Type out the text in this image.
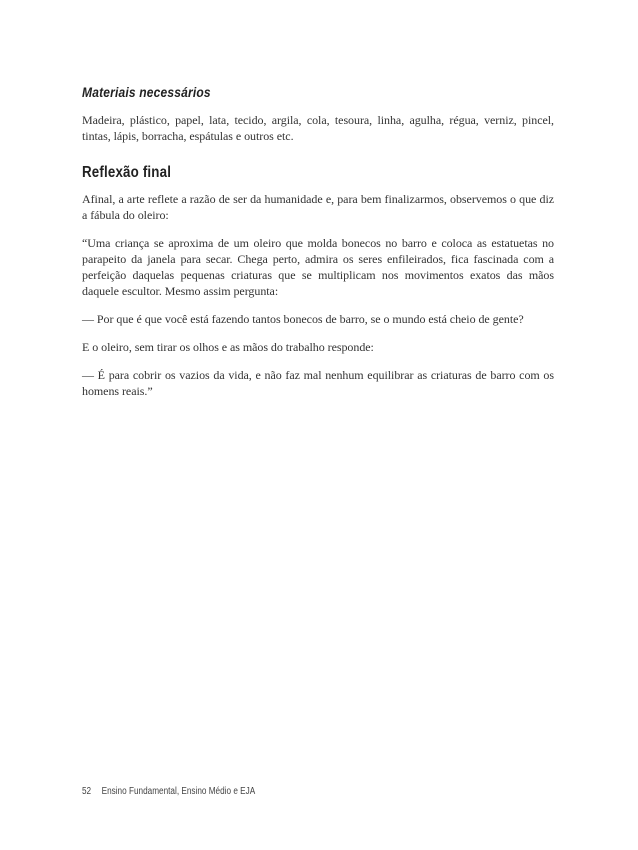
Materiais necessários

Madeira, plástico, papel, lata, tecido, argila, cola, tesoura, linha, agulha, régua, verniz, pincel, tintas, lápis, borracha, espátulas e outros etc.

Reflexão final

Afinal, a arte reflete a razão de ser da humanidade e, para bem finalizarmos, observemos o que diz a fábula do oleiro:

“Uma criança se aproxima de um oleiro que molda bonecos no barro e coloca as estatuetas no parapeito da janela para secar. Chega perto, admira os seres enfileirados, fica fascinada com a perfeição daquelas pequenas criaturas que se multiplicam nos movimentos exatos das mãos daquele escultor. Mesmo assim pergunta:

— Por que é que você está fazendo tantos bonecos de barro, se o mundo está cheio de gente?

E o oleiro, sem tirar os olhos e as mãos do trabalho responde:

— É para cobrir os vazios da vida, e não faz mal nenhum equilibrar as criaturas de barro com os homens reais.”

52 Ensino Fundamental, Ensino Médio e EJA
